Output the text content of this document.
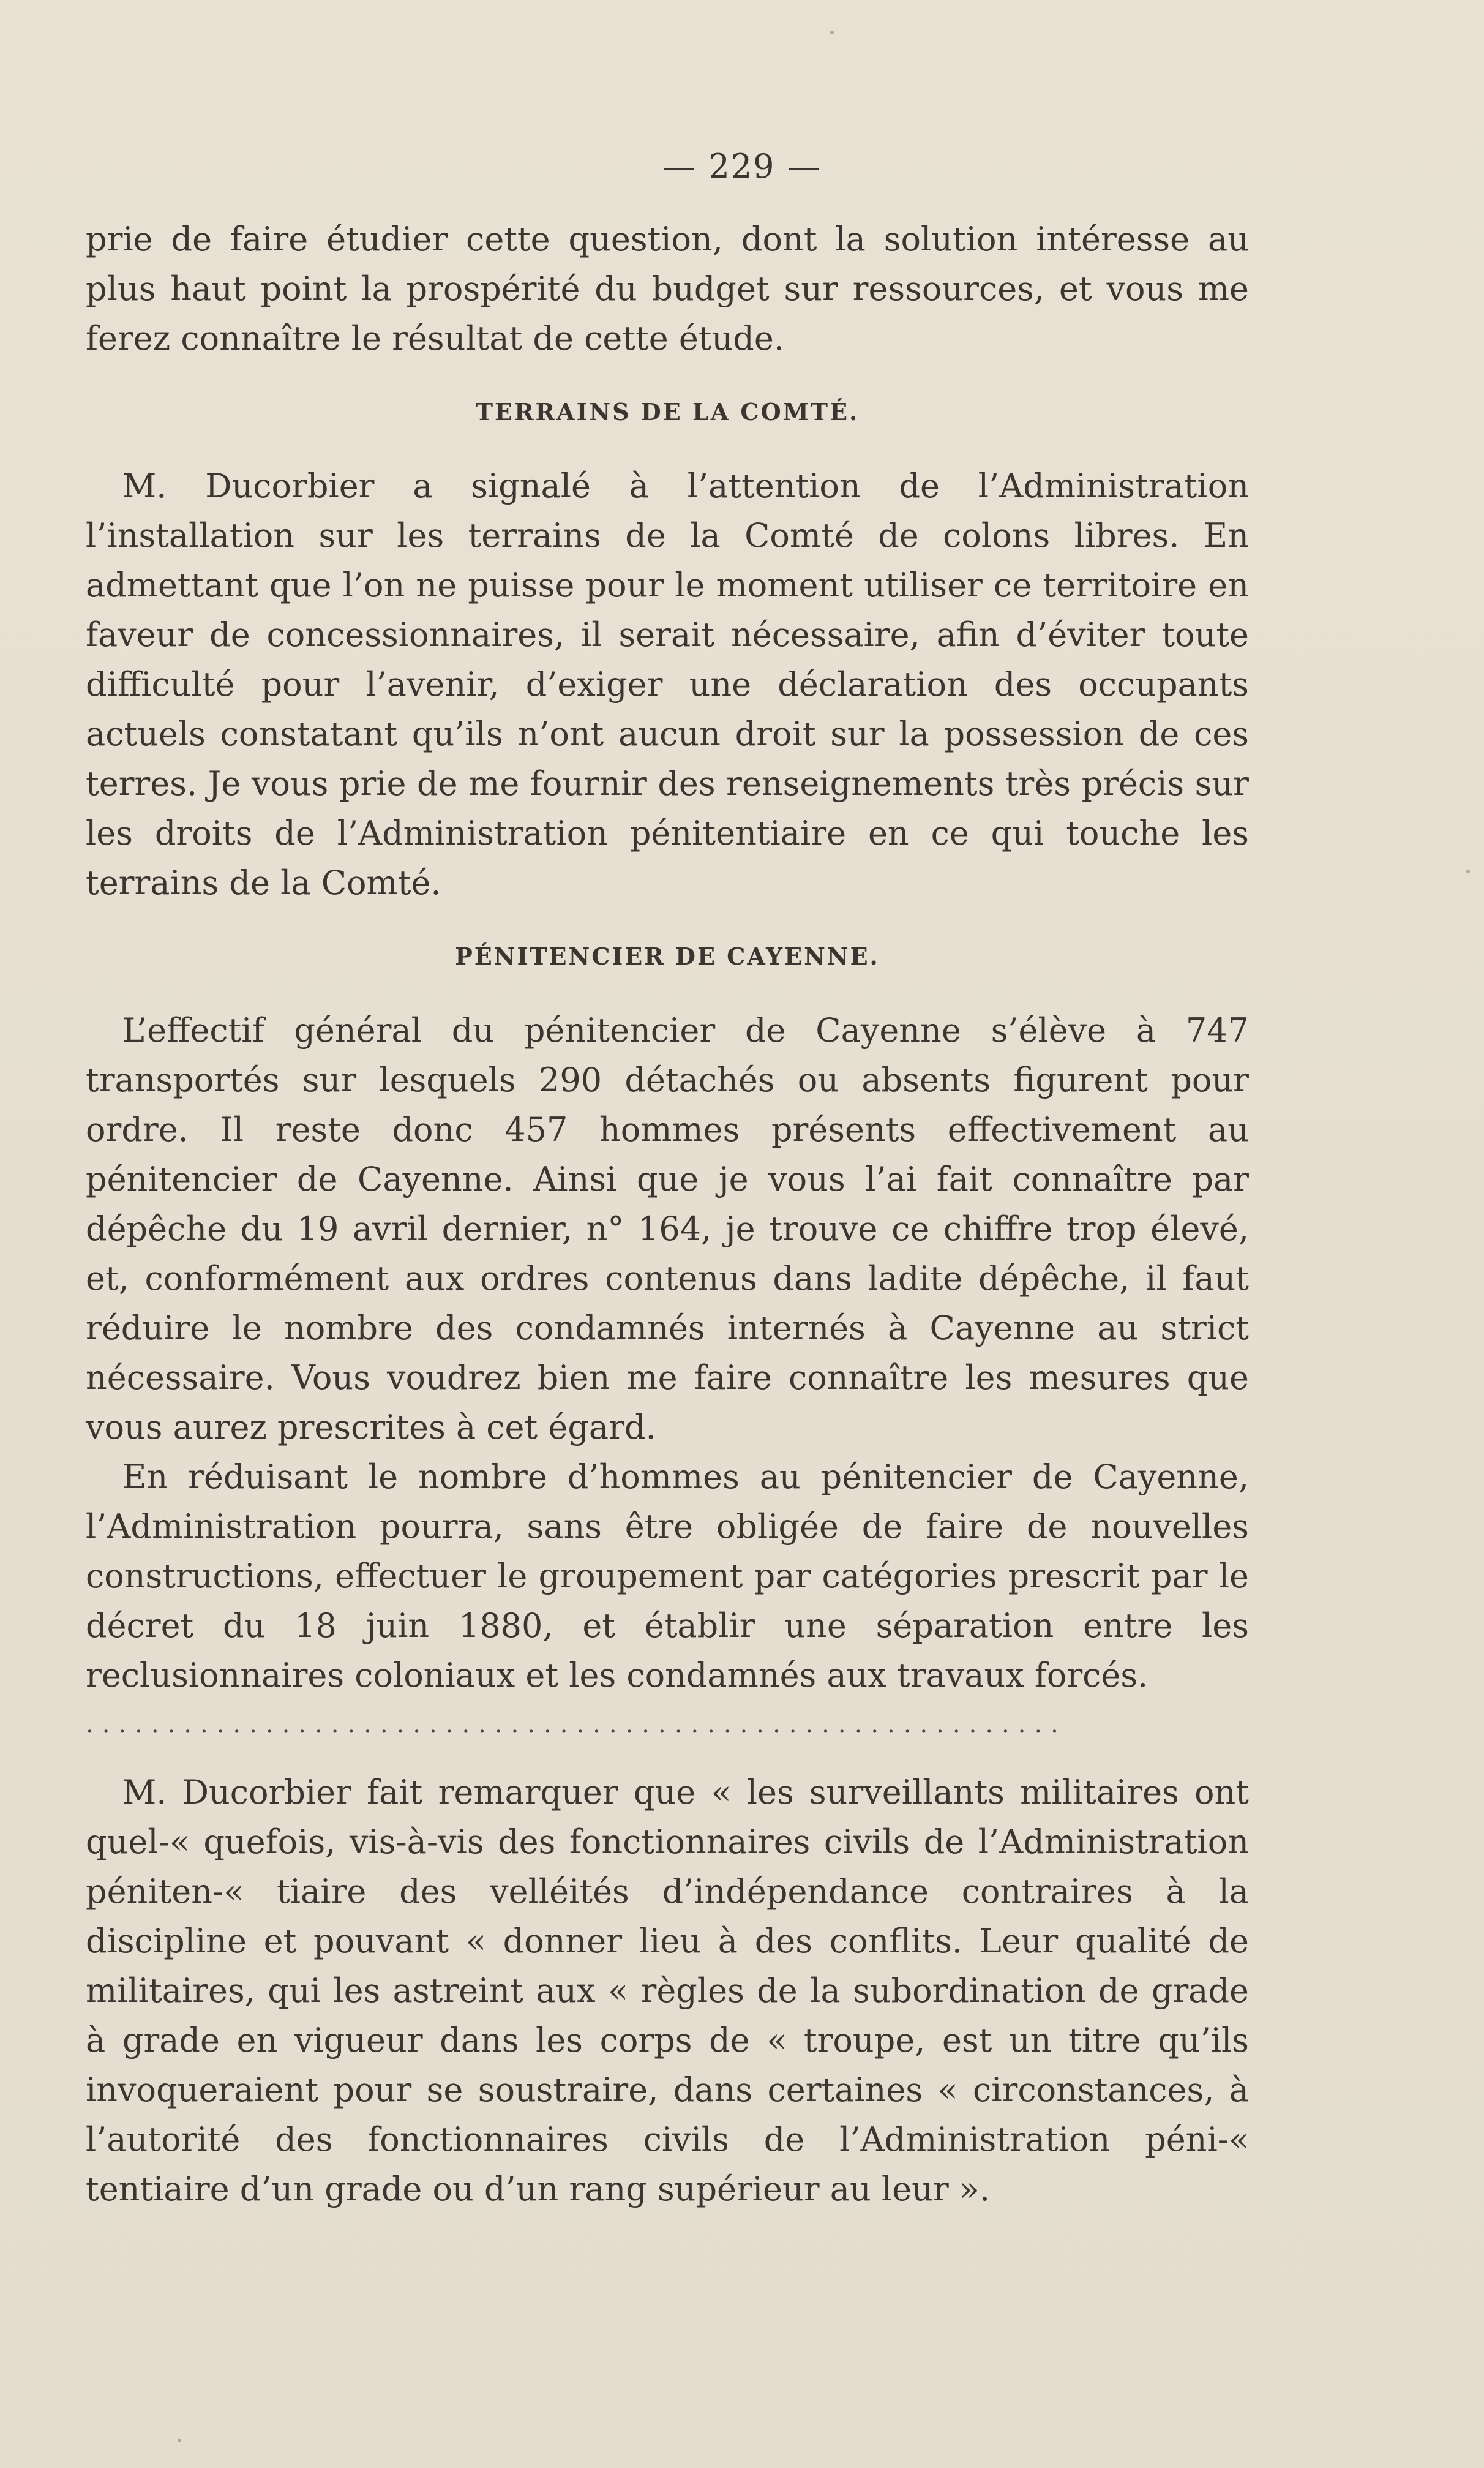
— 229 —

prie de faire étudier cette question, dont la solution intéresse au plus haut point la prospérité du budget sur ressources, et vous me ferez connaître le résultat de cette étude.

TERRAINS DE LA COMTÉ.

M. Ducorbier a signalé à l’attention de l’Administration l’installation sur les terrains de la Comté de colons libres. En admettant que l’on ne puisse pour le moment utiliser ce territoire en faveur de concessionnaires, il serait nécessaire, afin d’éviter toute difficulté pour l’avenir, d’exiger une déclaration des occupants actuels constatant qu’ils n’ont aucun droit sur la possession de ces terres. Je vous prie de me fournir des renseignements très précis sur les droits de l’Administration pénitentiaire en ce qui touche les terrains de la Comté.

PÉNITENCIER DE CAYENNE.

L’effectif général du pénitencier de Cayenne s’élève à 747 transportés sur lesquels 290 détachés ou absents figurent pour ordre. Il reste donc 457 hommes présents effectivement au pénitencier de Cayenne. Ainsi que je vous l’ai fait connaître par dépêche du 19 avril dernier, n° 164, je trouve ce chiffre trop élevé, et, conformément aux ordres contenus dans ladite dépêche, il faut réduire le nombre des condamnés internés à Cayenne au strict nécessaire. Vous voudrez bien me faire connaître les mesures que vous aurez prescrites à cet égard.

En réduisant le nombre d’hommes au pénitencier de Cayenne, l’Administration pourra, sans être obligée de faire de nouvelles constructions, effectuer le groupement par catégories prescrit par le décret du 18 juin 1880, et établir une séparation entre les reclusionnaires coloniaux et les condamnés aux travaux forcés.

............................................................

M. Ducorbier fait remarquer que « les surveillants militaires ont quel-« quefois, vis-à-vis des fonctionnaires civils de l’Administration péniten-« tiaire des velléités d’indépendance contraires à la discipline et pouvant « donner lieu à des conflits. Leur qualité de militaires, qui les astreint aux « règles de la subordination de grade à grade en vigueur dans les corps de « troupe, est un titre qu’ils invoqueraient pour se soustraire, dans certaines « circonstances, à l’autorité des fonctionnaires civils de l’Administration péni-« tentiaire d’un grade ou d’un rang supérieur au leur ».
